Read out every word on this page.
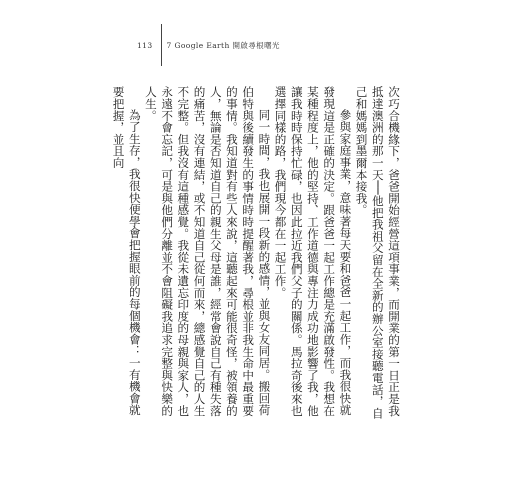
113 7 Google Earth 開啟尋根曙光

次巧合機緣下，爸爸開始經營這項事業，而開業的第一日正是我抵達澳洲的那一天──他把我祖父留在全新的辦公室接聽電話，自己和媽媽到墨爾本接我。

參與家庭事業，意味著每天要和爸爸一起工作，而我很快就發現這是正確的決定。跟爸爸一起工作總是充滿啟發性。我想在某種程度上，他的堅持、工作道德與專注力成功地影響了我，他讓我時時保持忙碌，也因此拉近我們父子的關係。馬拉奇後來也選擇同樣的路，我們現今都在一起工作。

同一時間，我也展開一段新的感情，並與女友同居。搬回荷伯特與後續發生的事情時時提醒著我，尋根並非我生命中最重要的事情。我知道對有些人來說，這聽起來可能很奇怪，被領養的人，無論是否知道自己的親生父母是誰，經常會說自己有種失落的痛苦，沒有連結，或不知道自己從何而來，總感覺自己的人生不完整。但我沒有這種感覺。我從未遺忘印度的母親與家人，也永遠不會忘記，可是與他們分離並不會阻礙我追求完整與快樂的人生。

為了生存，我很快便學會把握眼前的每個機會：一有機會就要把握，並且向
